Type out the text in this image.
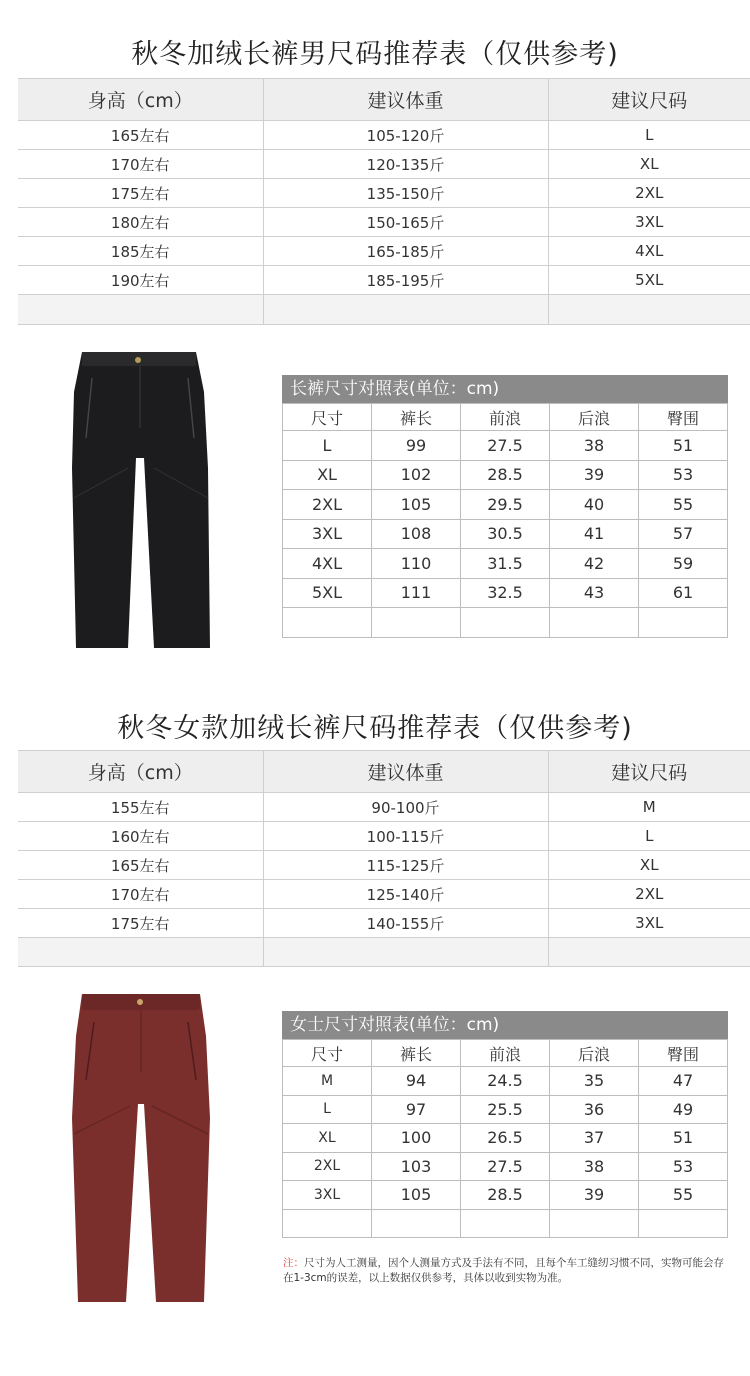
秋冬加绒长裤男尺码推荐表（仅供参考)
身高（cm）	建议体重	建议尺码
165左右	105-120斤	L
170左右	120-135斤	XL
175左右	135-150斤	2XL
180左右	150-165斤	3XL
185左右	165-185斤	4XL
190左右	185-195斤	5XL

长裤尺寸对照表(单位：cm)
尺寸	裤长	前浪	后浪	臀围
L	99	27.5	38	51
XL	102	28.5	39	53
2XL	105	29.5	40	55
3XL	108	30.5	41	57
4XL	110	31.5	42	59
5XL	111	32.5	43	61

秋冬女款加绒长裤尺码推荐表（仅供参考)
身高（cm）	建议体重	建议尺码
155左右	90-100斤	M
160左右	100-115斤	L
165左右	115-125斤	XL
170左右	125-140斤	2XL
175左右	140-155斤	3XL

女士尺寸对照表(单位：cm)
尺寸	裤长	前浪	后浪	臀围
M	94	24.5	35	47
L	97	25.5	36	49
XL	100	26.5	37	51
2XL	103	27.5	38	53
3XL	105	28.5	39	55

注：尺寸为人工测量，因个人测量方式及手法有不同，且每个车工缝纫习惯不同，实物可能会存在1-3cm的误差，以上数据仅供参考，具体以收到实物为准。
